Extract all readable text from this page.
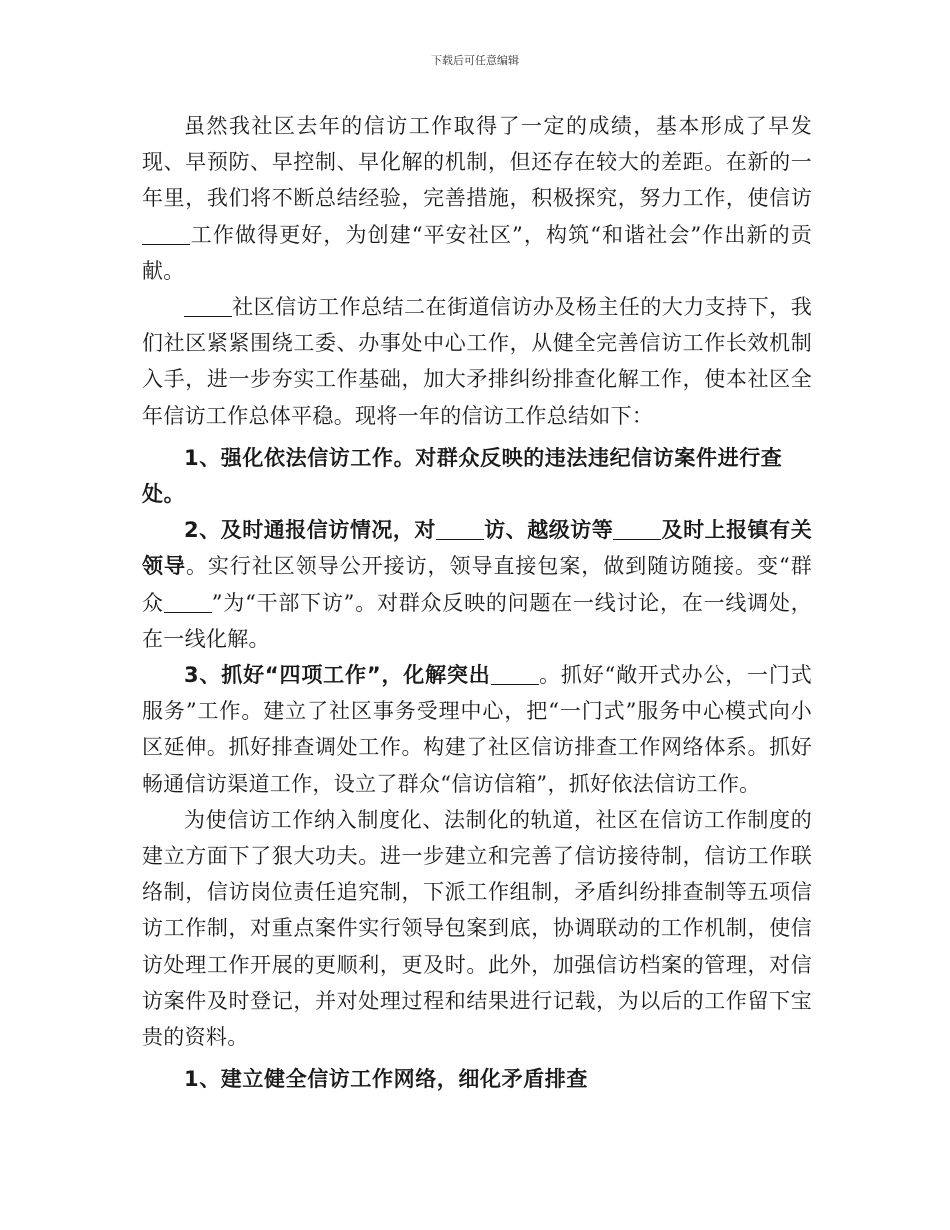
下载后可任意编辑

虽然我社区去年的信访工作取得了一定的成绩，基本形成了早发现、早预防、早控制、早化解的机制，但还存在较大的差距。在新的一年里，我们将不断总结经验，完善措施，积极探究，努力工作，使信访工作做得更好，为创建“平安社区”，构筑“和谐社会”作出新的贡献。

社区信访工作总结二在街道信访办及杨主任的大力支持下，我们社区紧紧围绕工委、办事处中心工作，从健全完善信访工作长效机制入手，进一步夯实工作基础，加大矛排纠纷排查化解工作，使本社区全年信访工作总体平稳。现将一年的信访工作总结如下：

1、强化依法信访工作。对群众反映的违法违纪信访案件进行查处。

2、及时通报信访情况，对 访、越级访等 及时上报镇有关领导。实行社区领导公开接访，领导直接包案，做到随访随接。变“群众 ”为“干部下访”。对群众反映的问题在一线讨论，在一线调处，在一线化解。

3、抓好“四项工作”，化解突出 。抓好“敞开式办公，一门式服务”工作。建立了社区事务受理中心，把“一门式”服务中心模式向小区延伸。抓好排查调处工作。构建了社区信访排查工作网络体系。抓好畅通信访渠道工作，设立了群众“信访信箱”，抓好依法信访工作。

为使信访工作纳入制度化、法制化的轨道，社区在信访工作制度的建立方面下了狠大功夫。进一步建立和完善了信访接待制，信访工作联络制，信访岗位责任追究制，下派工作组制，矛盾纠纷排查制等五项信访工作制，对重点案件实行领导包案到底，协调联动的工作机制，使信访处理工作开展的更顺利，更及时。此外，加强信访档案的管理，对信访案件及时登记，并对处理过程和结果进行记载，为以后的工作留下宝贵的资料。

1、建立健全信访工作网络，细化矛盾排查
